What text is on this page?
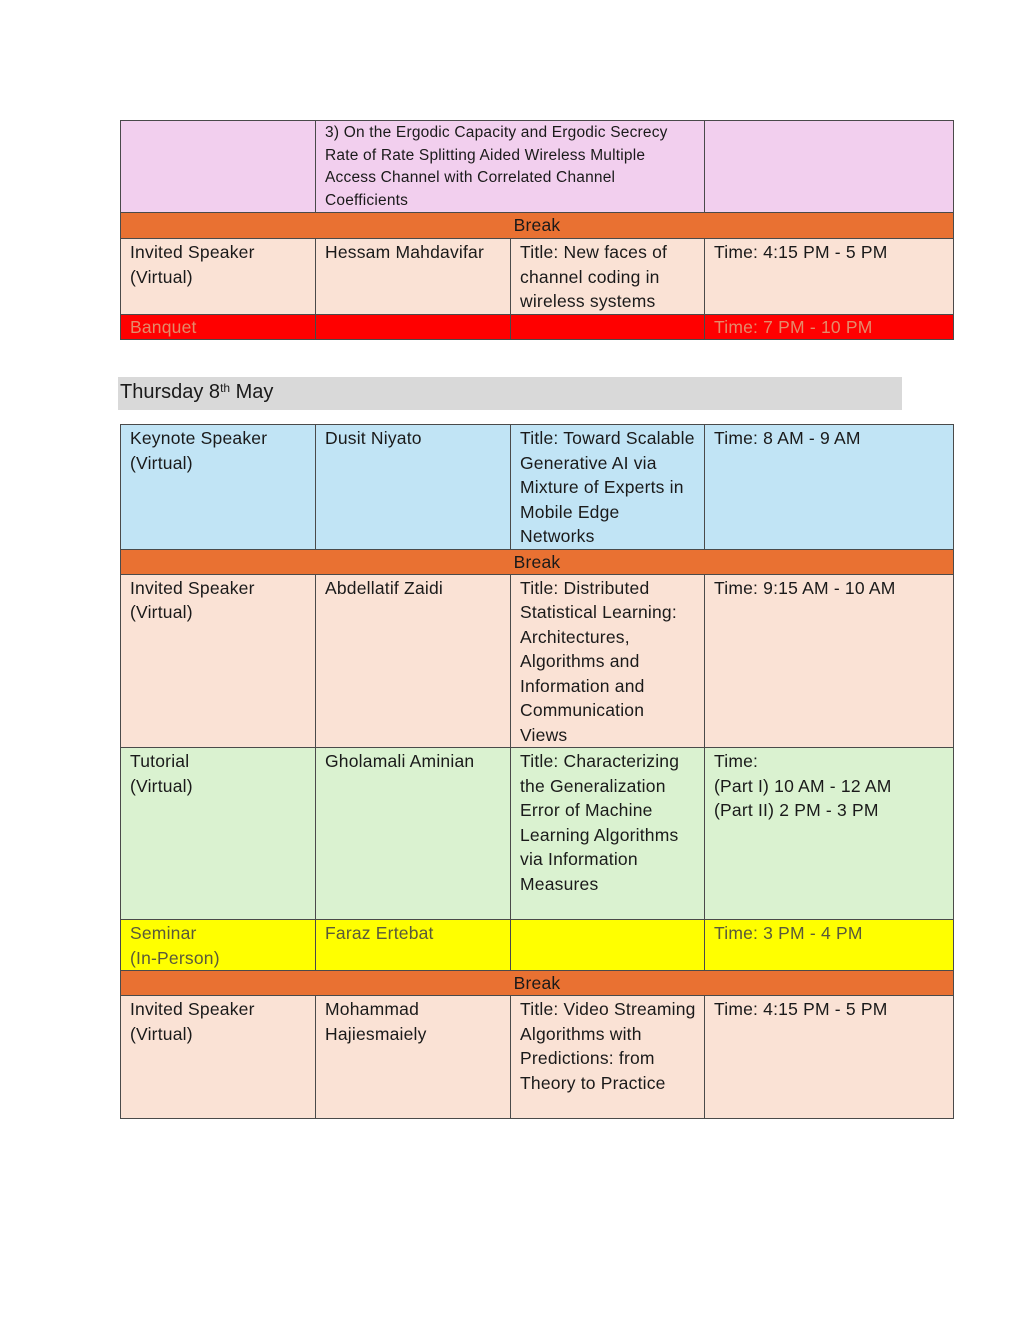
	3) On the Ergodic Capacity and Ergodic Secrecy Rate of Rate Splitting Aided Wireless Multiple Access Channel with Correlated Channel Coefficients		
Break			

Invited Speaker
(Virtual)	Hessam Mahdavifar	Title: New faces of channel coding in wireless systems	Time: 4:15 PM - 5 PM
Banquet			Time: 7 PM - 10 PM
Thursday 8th May
Keynote Speaker
(Virtual)	Dusit Niyato	Title: Toward Scalable Generative AI via Mixture of Experts in Mobile Edge Networks	Time: 8 AM - 9 AM
Break			

Invited Speaker
(Virtual)	Abdellatif Zaidi	Title: Distributed Statistical Learning: Architectures, Algorithms and Information and Communication Views	Time: 9:15 AM - 10 AM

Tutorial
(Virtual)	Gholamali Aminian	Title: Characterizing the Generalization Error of Machine Learning Algorithms via Information Measures	Time:
(Part I) 10 AM - 12 AM
(Part II) 2 PM - 3 PM

Seminar
(In-Person)	Faraz Ertebat		Time: 3 PM - 4 PM
Break			

Invited Speaker
(Virtual)	Mohammad
Hajiesmaiely	Title: Video Streaming Algorithms with Predictions: from Theory to Practice	Time: 4:15 PM - 5 PM
